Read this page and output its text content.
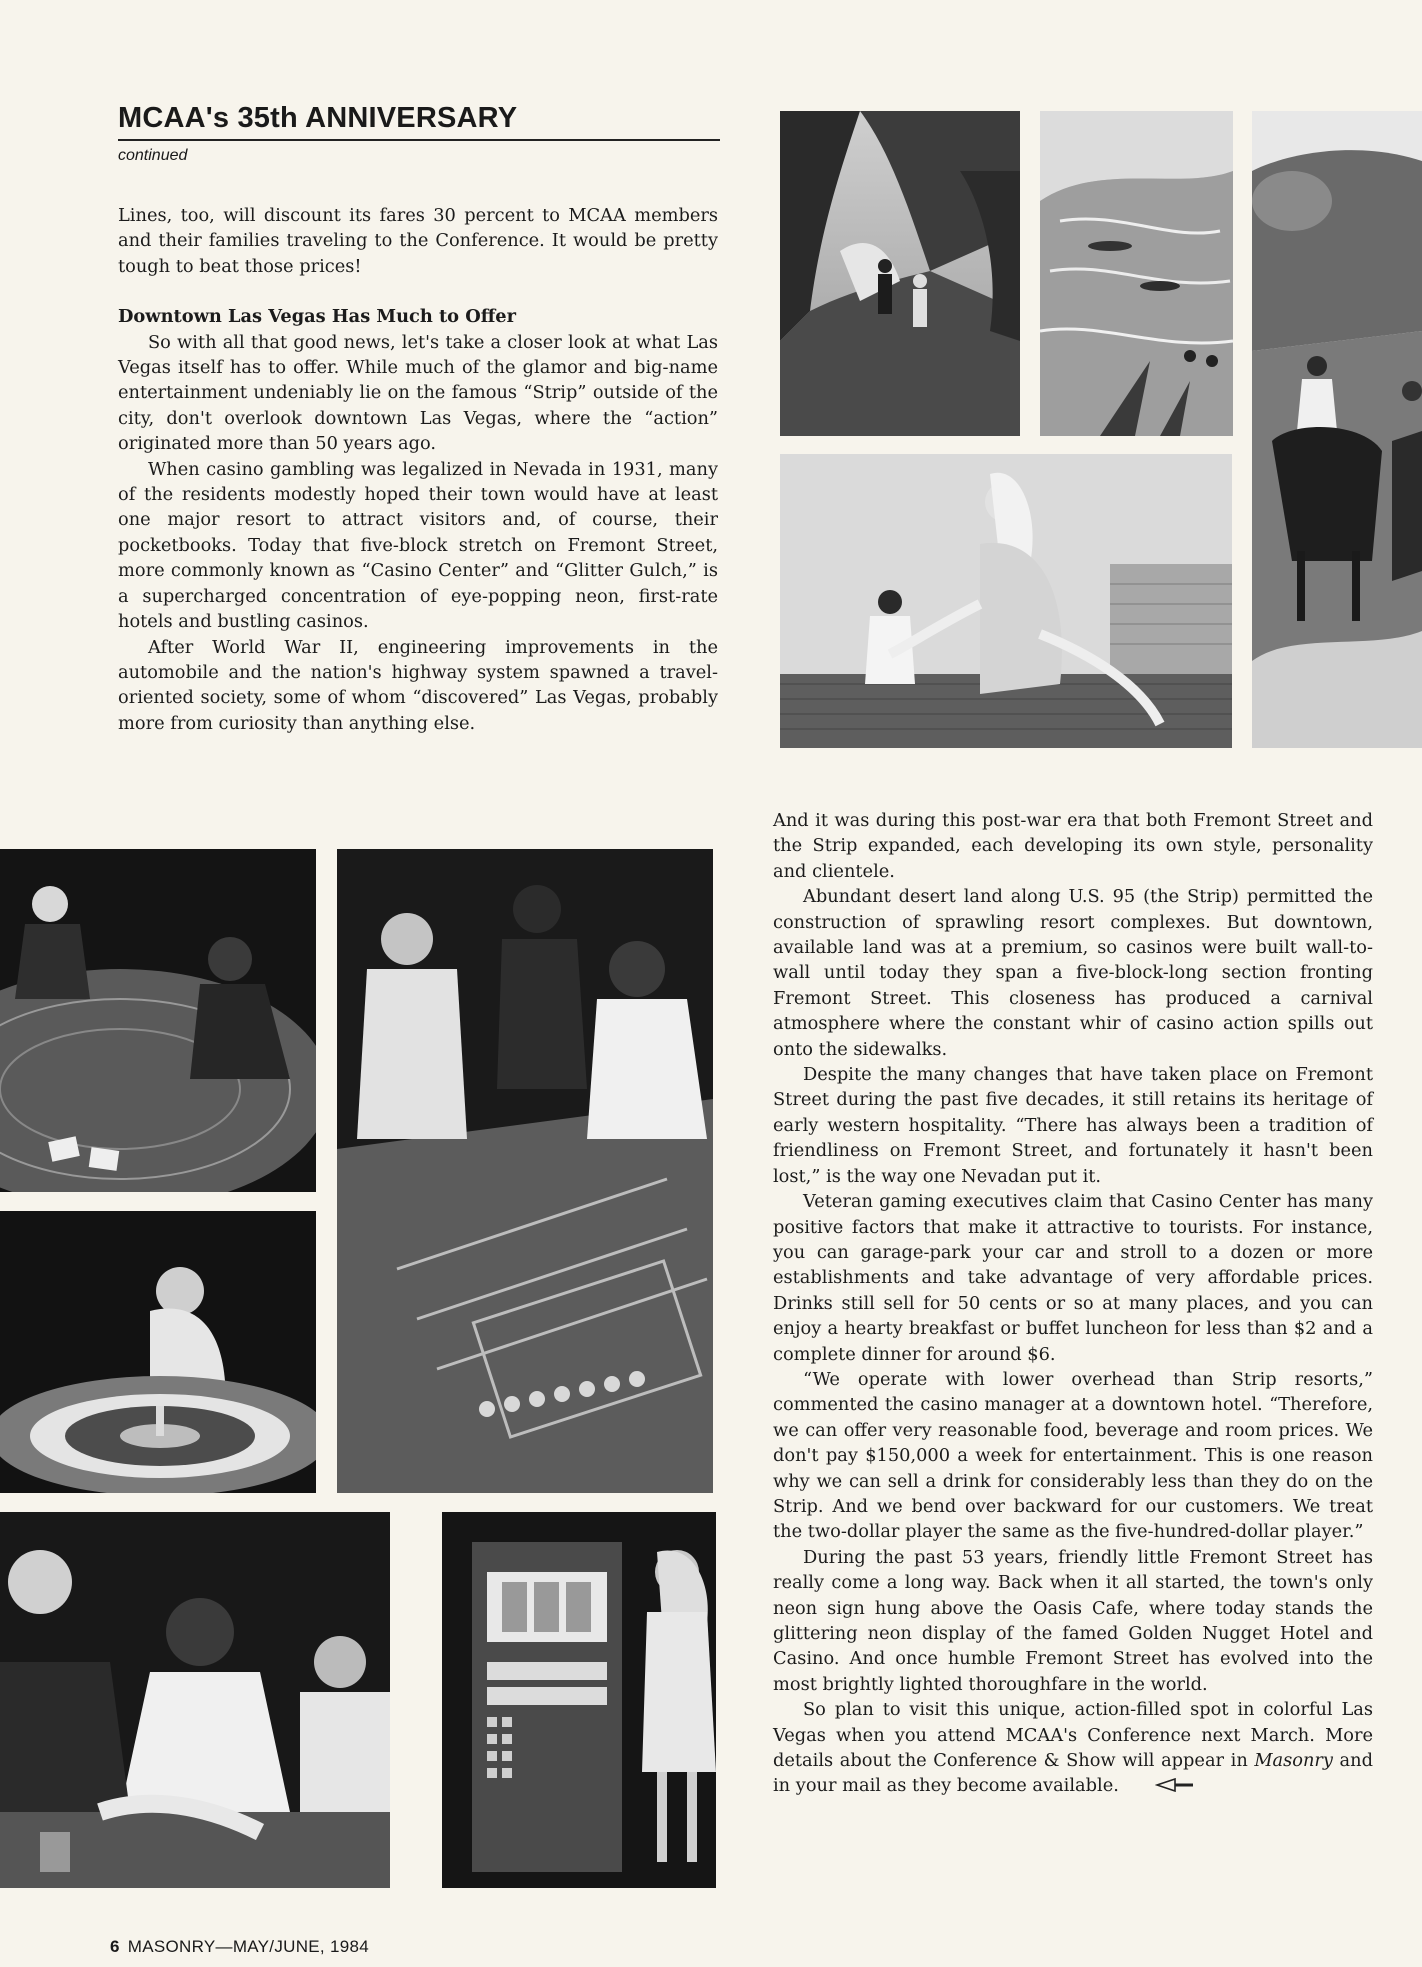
MCAA's 35th ANNIVERSARY
continued

Lines, too, will discount its fares 30 percent to MCAA members and their families traveling to the Conference. It would be pretty tough to beat those prices!

Downtown Las Vegas Has Much to Offer

So with all that good news, let's take a closer look at what Las Vegas itself has to offer. While much of the glamor and big-name entertainment undeniably lie on the famous “Strip” outside of the city, don't overlook downtown Las Vegas, where the “action” originated more than 50 years ago.

When casino gambling was legalized in Nevada in 1931, many of the residents modestly hoped their town would have at least one major resort to attract visitors and, of course, their pocketbooks. Today that five-block stretch on Fremont Street, more commonly known as “Casino Center” and “Glitter Gulch,” is a supercharged concentration of eye-popping neon, first-rate hotels and bustling casinos.

After World War II, engineering improvements in the automobile and the nation's highway system spawned a travel-oriented society, some of whom “discovered” Las Vegas, probably more from curiosity than anything else.

And it was during this post-war era that both Fremont Street and the Strip expanded, each developing its own style, personality and clientele.

Abundant desert land along U.S. 95 (the Strip) permitted the construction of sprawling resort complexes. But downtown, available land was at a premium, so casinos were built wall-to-wall until today they span a five-block-long section fronting Fremont Street. This closeness has produced a carnival atmosphere where the constant whir of casino action spills out onto the sidewalks.

Despite the many changes that have taken place on Fremont Street during the past five decades, it still retains its heritage of early western hospitality. “There has always been a tradition of friendliness on Fremont Street, and fortunately it hasn't been lost,” is the way one Nevadan put it.

Veteran gaming executives claim that Casino Center has many positive factors that make it attractive to tourists. For instance, you can garage-park your car and stroll to a dozen or more establishments and take advantage of very affordable prices. Drinks still sell for 50 cents or so at many places, and you can enjoy a hearty breakfast or buffet luncheon for less than $2 and a complete dinner for around $6.

“We operate with lower overhead than Strip resorts,” commented the casino manager at a downtown hotel. “Therefore, we can offer very reasonable food, beverage and room prices. We don't pay $150,000 a week for entertainment. This is one reason why we can sell a drink for considerably less than they do on the Strip. And we bend over backward for our customers. We treat the two-dollar player the same as the five-hundred-dollar player.”

During the past 53 years, friendly little Fremont Street has really come a long way. Back when it all started, the town's only neon sign hung above the Oasis Cafe, where today stands the glittering neon display of the famed Golden Nugget Hotel and Casino. And once humble Fremont Street has evolved into the most brightly lighted thoroughfare in the world.

So plan to visit this unique, action-filled spot in colorful Las Vegas when you attend MCAA's Conference next March. More details about the Conference & Show will appear in Masonry and in your mail as they become available.

6 MASONRY—MAY/JUNE, 1984
